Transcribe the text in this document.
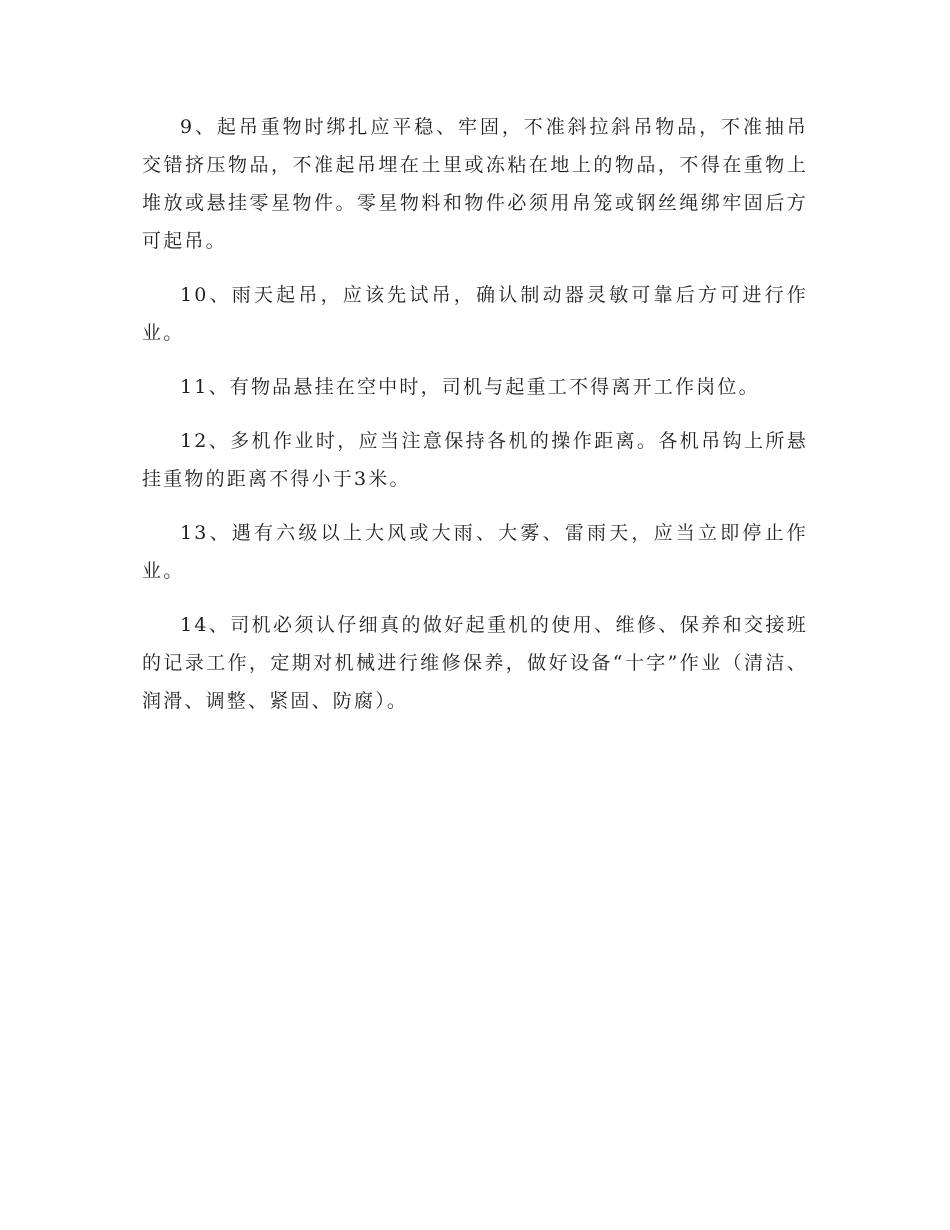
9、起吊重物时绑扎应平稳、牢固，不准斜拉斜吊物品，不准抽吊交错挤压物品，不准起吊埋在土里或冻粘在地上的物品，不得在重物上堆放或悬挂零星物件。零星物料和物件必须用帛笼或钢丝绳绑牢固后方可起吊。

10、雨天起吊，应该先试吊，确认制动器灵敏可靠后方可进行作业。

11、有物品悬挂在空中时，司机与起重工不得离开工作岗位。

12、多机作业时，应当注意保持各机的操作距离。各机吊钩上所悬挂重物的距离不得小于3米。

13、遇有六级以上大风或大雨、大雾、雷雨天，应当立即停止作业。

14、司机必须认仔细真的做好起重机的使用、维修、保养和交接班的记录工作，定期对机械进行维修保养，做好设备“十字”作业（清洁、润滑、调整、紧固、防腐）。
